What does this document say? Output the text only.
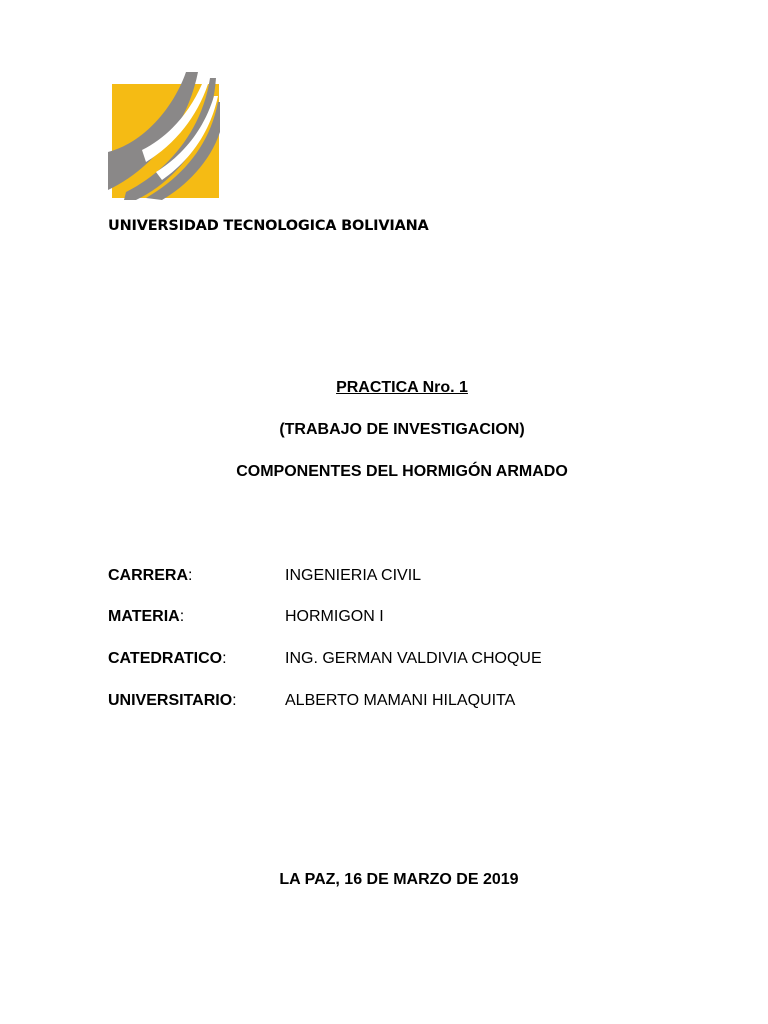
UNIVERSIDAD TECNOLOGICA BOLIVIANA
PRACTICA Nro. 1
(TRABAJO DE INVESTIGACION)
COMPONENTES DEL HORMIGÓN ARMADO
CARRERA:	INGENIERIA CIVIL
MATERIA:	HORMIGON I
CATEDRATICO:	ING. GERMAN VALDIVIA CHOQUE
UNIVERSITARIO:	ALBERTO MAMANI HILAQUITA
LA PAZ, 16 DE MARZO DE 2019
